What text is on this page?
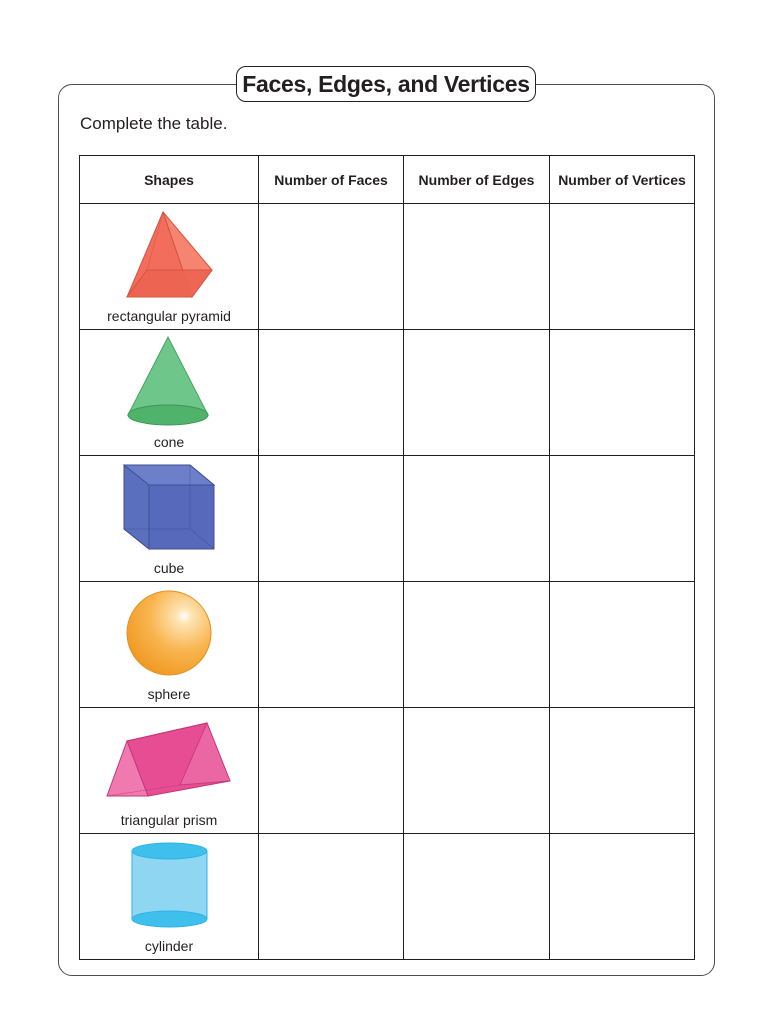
Faces, Edges, and Vertices
Complete the table.
Shapes	Number of Faces	Number of Edges	Number of Vertices

rectangular pyramid			

cone			

cube			

sphere			

triangular prism			

cylinder			
